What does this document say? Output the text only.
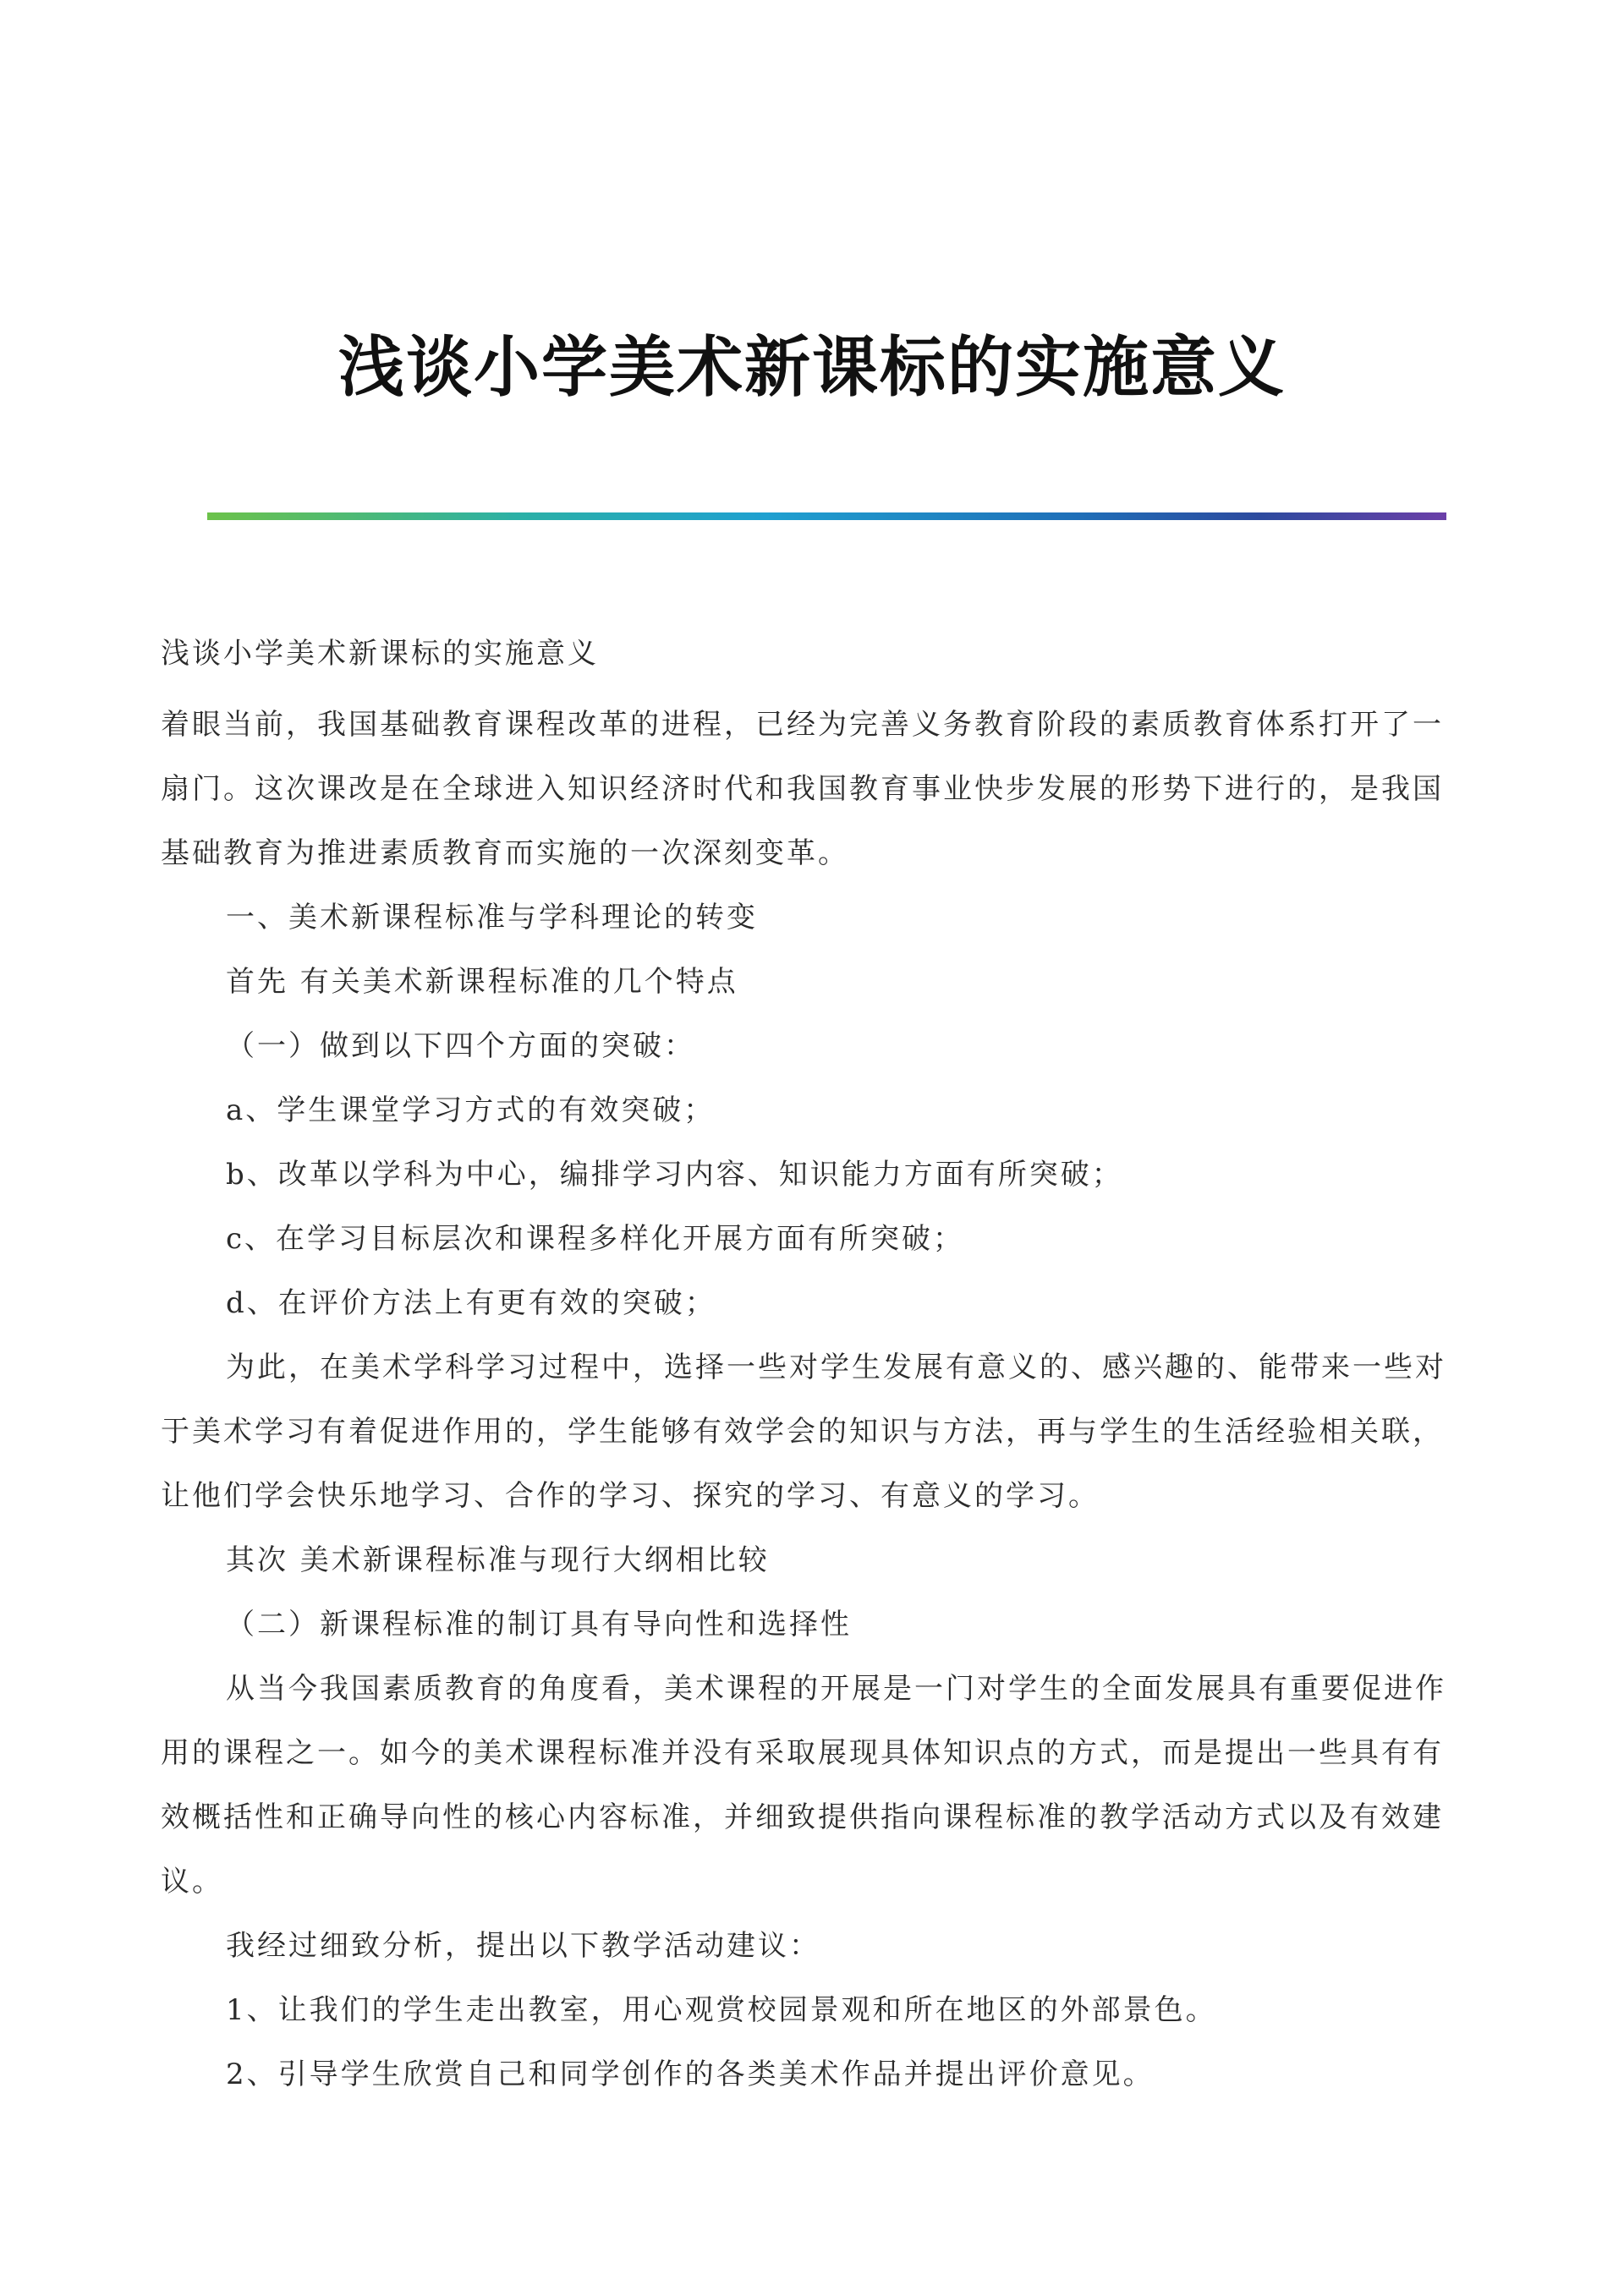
浅谈小学美术新课标的实施意义

浅谈小学美术新课标的实施意义

着眼当前，我国基础教育课程改革的进程，已经为完善义务教育阶段的素质教育体系打开了一扇门。这次课改是在全球进入知识经济时代和我国教育事业快步发展的形势下进行的，是我国基础教育为推进素质教育而实施的一次深刻变革。

一、美术新课程标准与学科理论的转变

首先 有关美术新课程标准的几个特点

（一）做到以下四个方面的突破：

a、学生课堂学习方式的有效突破；

b、改革以学科为中心，编排学习内容、知识能力方面有所突破；

c、在学习目标层次和课程多样化开展方面有所突破；

d、在评价方法上有更有效的突破；

为此，在美术学科学习过程中，选择一些对学生发展有意义的、感兴趣的、能带来一些对于美术学习有着促进作用的，学生能够有效学会的知识与方法，再与学生的生活经验相关联，让他们学会快乐地学习、合作的学习、探究的学习、有意义的学习。

其次 美术新课程标准与现行大纲相比较

（二）新课程标准的制订具有导向性和选择性

从当今我国素质教育的角度看，美术课程的开展是一门对学生的全面发展具有重要促进作用的课程之一。如今的美术课程标准并没有采取展现具体知识点的方式，而是提出一些具有有效概括性和正确导向性的核心内容标准，并细致提供指向课程标准的教学活动方式以及有效建议。

我经过细致分析，提出以下教学活动建议：

1、让我们的学生走出教室，用心观赏校园景观和所在地区的外部景色。

2、引导学生欣赏自己和同学创作的各类美术作品并提出评价意见。
